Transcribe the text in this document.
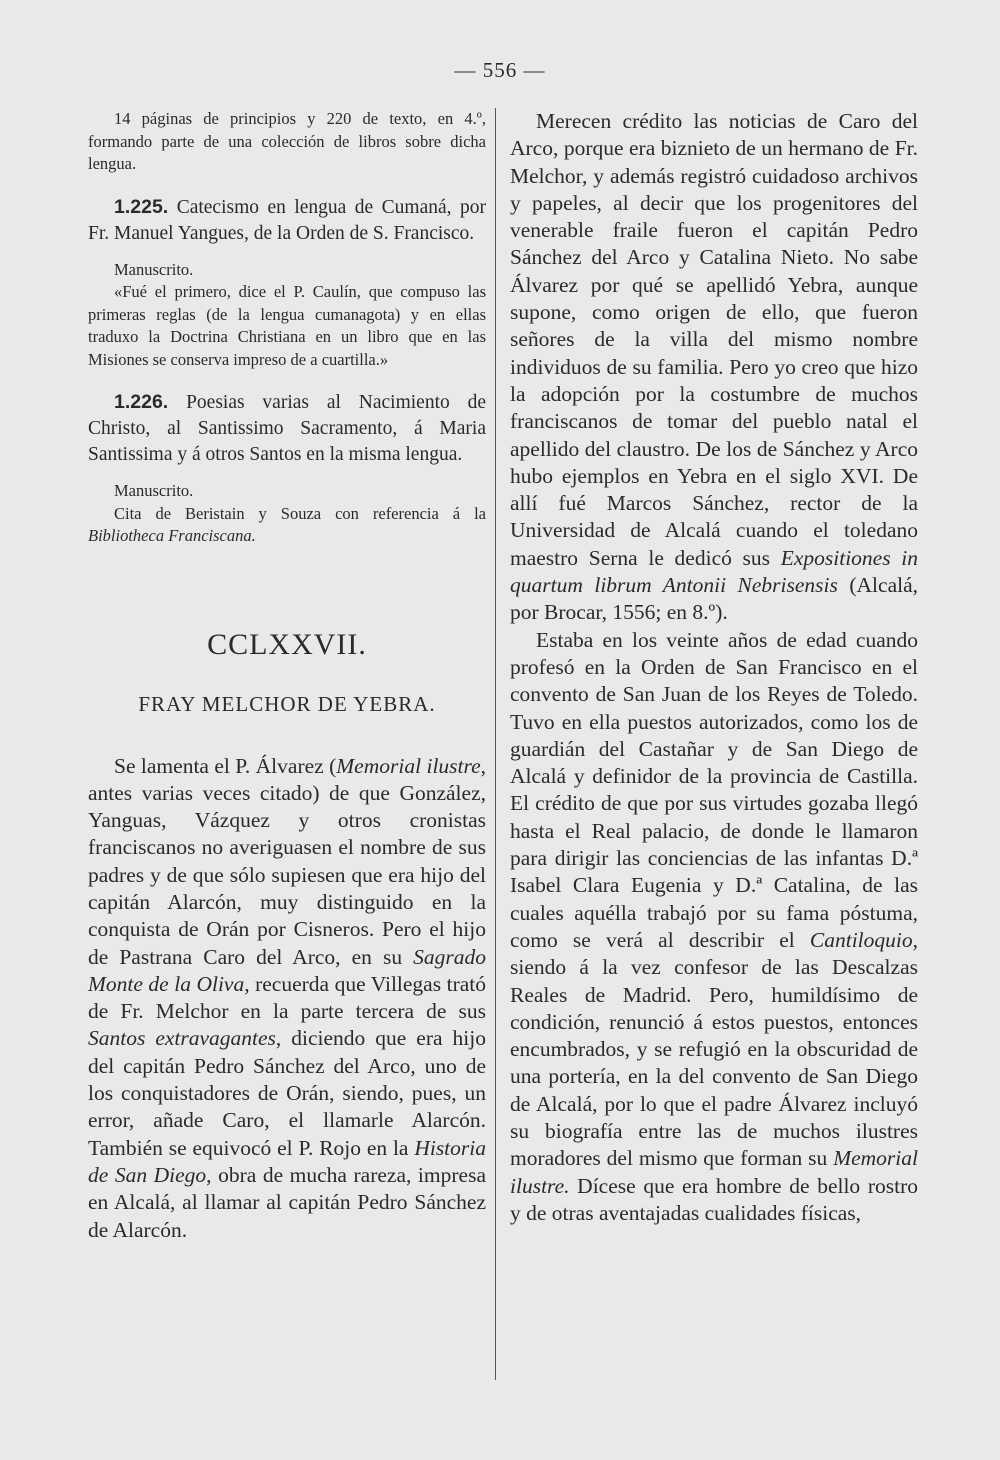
— 556 —

14 páginas de principios y 220 de texto, en 4.º, formando parte de una colección de libros sobre dicha lengua.

1.225. Catecismo en lengua de Cumaná, por Fr. Manuel Yangues, de la Orden de S. Francisco.

Manuscrito.

«Fué el primero, dice el P. Caulín, que compuso las primeras reglas (de la lengua cumanagota) y en ellas traduxo la Doctrina Christiana en un libro que en las Misiones se conserva impreso de a cuartilla.»

1.226. Poesias varias al Nacimiento de Christo, al Santissimo Sacramento, á Maria Santissima y á otros Santos en la misma lengua.

Manuscrito.

Cita de Beristain y Souza con referencia á la Bibliotheca Franciscana.

CCLXXVII.
FRAY MELCHOR DE YEBRA.

Se lamenta el P. Álvarez (Memorial ilustre, antes varias veces citado) de que González, Yanguas, Vázquez y otros cronistas franciscanos no averiguasen el nombre de sus padres y de que sólo supiesen que era hijo del capitán Alarcón, muy distinguido en la conquista de Orán por Cisneros. Pero el hijo de Pastrana Caro del Arco, en su Sagrado Monte de la Oliva, recuerda que Villegas trató de Fr. Melchor en la parte tercera de sus Santos extravagantes, diciendo que era hijo del capitán Pedro Sánchez del Arco, uno de los conquistadores de Orán, siendo, pues, un error, añade Caro, el llamarle Alarcón. También se equivocó el P. Rojo en la Historia de San Diego, obra de mucha rareza, impresa en Alcalá, al llamar al capitán Pedro Sánchez de Alarcón.

Merecen crédito las noticias de Caro del Arco, porque era biznieto de un hermano de Fr. Melchor, y además registró cuidadoso archivos y papeles, al decir que los progenitores del venerable fraile fueron el capitán Pedro Sánchez del Arco y Catalina Nieto. No sabe Álvarez por qué se apellidó Yebra, aunque supone, como origen de ello, que fueron señores de la villa del mismo nombre individuos de su familia. Pero yo creo que hizo la adopción por la costumbre de muchos franciscanos de tomar del pueblo natal el apellido del claustro. De los de Sánchez y Arco hubo ejemplos en Yebra en el siglo XVI. De allí fué Marcos Sánchez, rector de la Universidad de Alcalá cuando el toledano maestro Serna le dedicó sus Expositiones in quartum librum Antonii Nebrisensis (Alcalá, por Brocar, 1556; en 8.º).

Estaba en los veinte años de edad cuando profesó en la Orden de San Francisco en el convento de San Juan de los Reyes de Toledo. Tuvo en ella puestos autorizados, como los de guardián del Castañar y de San Diego de Alcalá y definidor de la provincia de Castilla. El crédito de que por sus virtudes gozaba llegó hasta el Real palacio, de donde le llamaron para dirigir las conciencias de las infantas D.ª Isabel Clara Eugenia y D.ª Catalina, de las cuales aquélla trabajó por su fama póstuma, como se verá al describir el Cantiloquio, siendo á la vez confesor de las Descalzas Reales de Madrid. Pero, humildísimo de condición, renunció á estos puestos, entonces encumbrados, y se refugió en la obscuridad de una portería, en la del convento de San Diego de Alcalá, por lo que el padre Álvarez incluyó su biografía entre las de muchos ilustres moradores del mismo que forman su Memorial ilustre. Dícese que era hombre de bello rostro y de otras aventajadas cualidades físicas,
